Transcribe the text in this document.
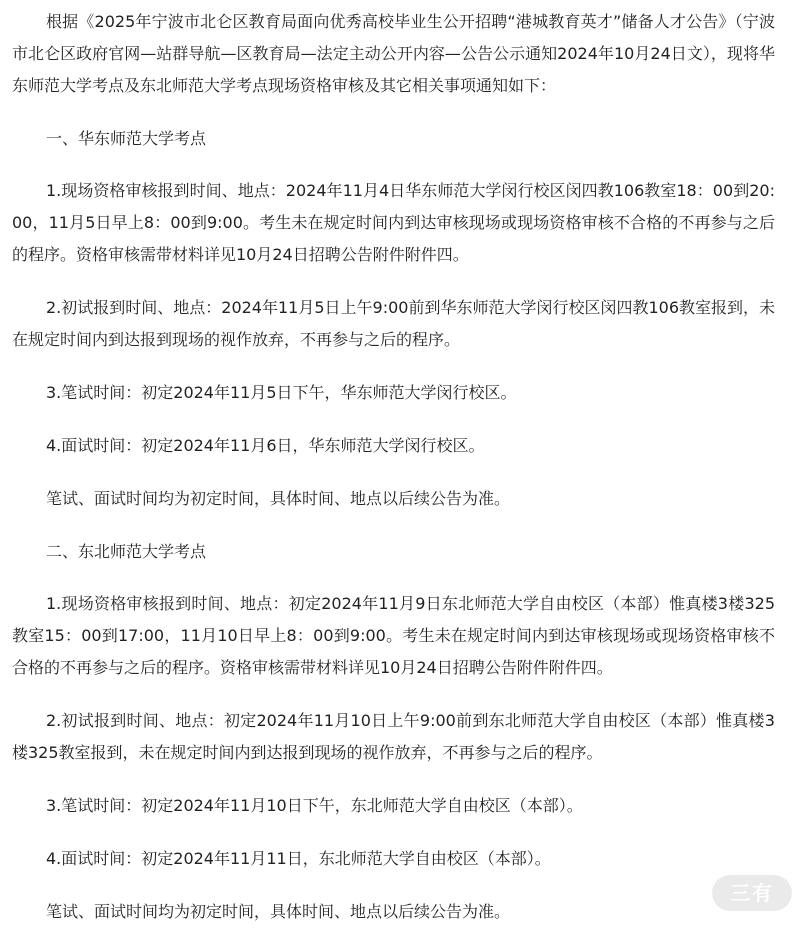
根据《2025年宁波市北仑区教育局面向优秀高校毕业生公开招聘“港城教育英才”储备人才公告》（宁波市北仑区政府官网—站群导航—区教育局—法定主动公开内容—公告公示通知2024年10月24日文），现将华东师范大学考点及东北师范大学考点现场资格审核及其它相关事项通知如下：

一、华东师范大学考点

1.现场资格审核报到时间、地点：2024年11月4日华东师范大学闵行校区闵四教106教室18：00到20:00，11月5日早上8：00到9:00。考生未在规定时间内到达审核现场或现场资格审核不合格的不再参与之后的程序。资格审核需带材料详见10月24日招聘公告附件附件四。

2.初试报到时间、地点：2024年11月5日上午9:00前到华东师范大学闵行校区闵四教106教室报到，未在规定时间内到达报到现场的视作放弃，不再参与之后的程序。

3.笔试时间：初定2024年11月5日下午，华东师范大学闵行校区。

4.面试时间：初定2024年11月6日，华东师范大学闵行校区。

笔试、面试时间均为初定时间，具体时间、地点以后续公告为准。

二、东北师范大学考点

1.现场资格审核报到时间、地点：初定2024年11月9日东北师范大学自由校区（本部）惟真楼3楼325教室15：00到17:00，11月10日早上8：00到9:00。考生未在规定时间内到达审核现场或现场资格审核不合格的不再参与之后的程序。资格审核需带材料详见10月24日招聘公告附件附件四。

2.初试报到时间、地点：初定2024年11月10日上午9:00前到东北师范大学自由校区（本部）惟真楼3楼325教室报到，未在规定时间内到达报到现场的视作放弃，不再参与之后的程序。

3.笔试时间：初定2024年11月10日下午，东北师范大学自由校区（本部）。

4.面试时间：初定2024年11月11日，东北师范大学自由校区（本部）。

笔试、面试时间均为初定时间，具体时间、地点以后续公告为准。

三有
